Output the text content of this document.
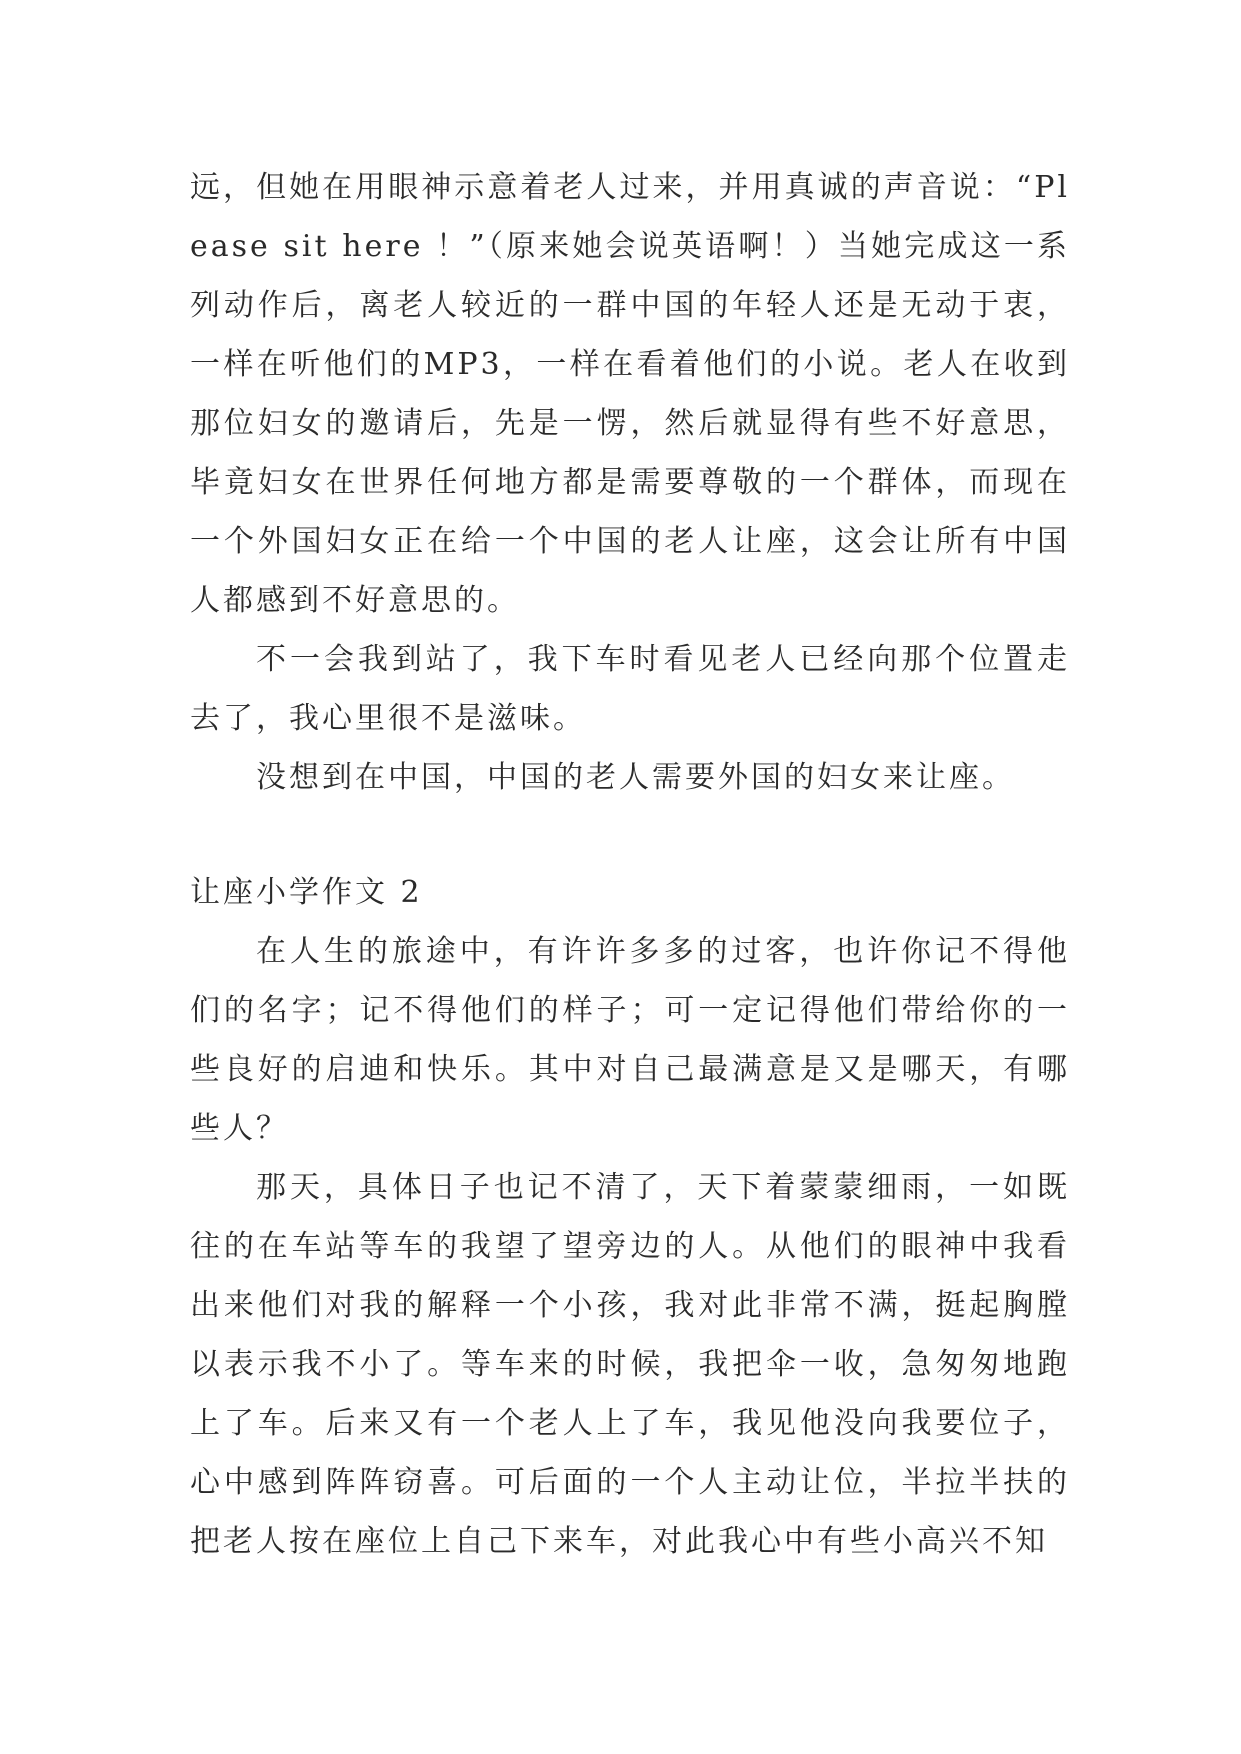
远，但她在用眼神示意着老人过来，并用真诚的声音说：“Please sit here ！”（原来她会说英语啊！）当她完成这一系列动作后，离老人较近的一群中国的年轻人还是无动于衷，一样在听他们的MP3，一样在看着他们的小说。老人在收到那位妇女的邀请后，先是一愣，然后就显得有些不好意思，毕竟妇女在世界任何地方都是需要尊敬的一个群体，而现在一个外国妇女正在给一个中国的老人让座，这会让所有中国人都感到不好意思的。

不一会我到站了，我下车时看见老人已经向那个位置走去了，我心里很不是滋味。

没想到在中国，中国的老人需要外国的妇女来让座。

让座小学作文 2

在人生的旅途中，有许许多多的过客，也许你记不得他们的名字；记不得他们的样子；可一定记得他们带给你的一些良好的启迪和快乐。其中对自己最满意是又是哪天，有哪些人？

那天，具体日子也记不清了，天下着蒙蒙细雨，一如既往的在车站等车的我望了望旁边的人。从他们的眼神中我看出来他们对我的解释一个小孩，我对此非常不满，挺起胸膛以表示我不小了。等车来的时候，我把伞一收，急匆匆地跑上了车。后来又有一个老人上了车，我见他没向我要位子，心中感到阵阵窃喜。可后面的一个人主动让位，半拉半扶的把老人按在座位上自己下来车，对此我心中有些小高兴不知
